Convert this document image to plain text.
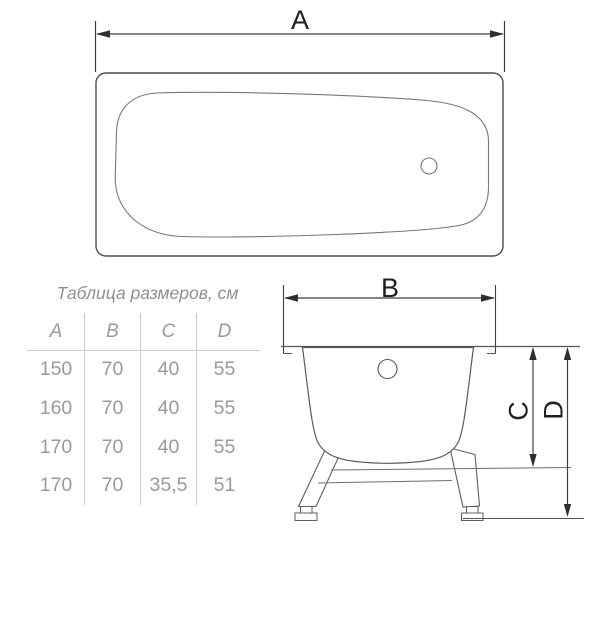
A
B
C D
Таблица размеров, см
A	B	C	D
150	70	40	55
160	70	40	55
170	70	40	55
170	70	35,5	51
